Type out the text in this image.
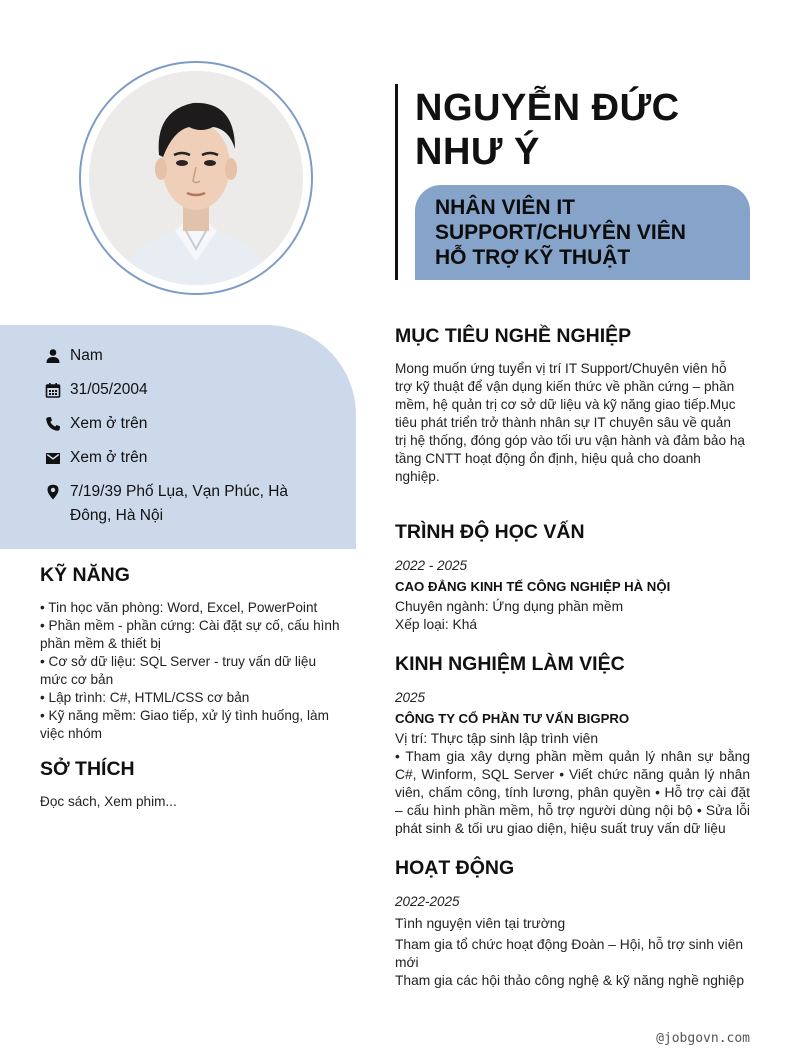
NGUYỄN ĐỨC
NHƯ Ý
NHÂN VIÊN IT
SUPPORT/CHUYÊN VIÊN
HỖ TRỢ KỸ THUẬT
Nam
31/05/2004
Xem ở trên
Xem ở trên
7/19/39 Phố Lụa, Vạn Phúc, Hà Đông, Hà Nội
KỸ NĂNG
• Tin học văn phòng: Word, Excel, PowerPoint
• Phần mềm - phần cứng: Cài đặt sự cố, cấu hình phần mềm & thiết bị
• Cơ sở dữ liệu: SQL Server - truy vấn dữ liệu mức cơ bản
• Lập trình: C#, HTML/CSS cơ bản
• Kỹ năng mềm: Giao tiếp, xử lý tình huống, làm việc nhóm
SỞ THÍCH
Đọc sách, Xem phim...
MỤC TIÊU NGHỀ NGHIỆP
Mong muốn ứng tuyển vị trí IT Support/Chuyên viên hỗ trợ kỹ thuật để vận dụng kiến thức về phần cứng – phần mềm, hệ quản trị cơ sở dữ liệu và kỹ năng giao tiếp.Mục tiêu phát triển trở thành nhân sự IT chuyên sâu về quản trị hệ thống, đóng góp vào tối ưu vận hành và đảm bảo hạ tầng CNTT hoạt động ổn định, hiệu quả cho doanh nghiệp.
TRÌNH ĐỘ HỌC VẤN
2022 - 2025
CAO ĐẲNG KINH TẾ CÔNG NGHIỆP HÀ NỘI
Chuyên ngành: Ứng dụng phần mềm
Xếp loại: Khá
KINH NGHIỆM LÀM VIỆC
2025
CÔNG TY CỔ PHẦN TƯ VẤN BIGPRO
Vị trí: Thực tập sinh lập trình viên
• Tham gia xây dựng phần mềm quản lý nhân sự bằng C#, Winform, SQL Server • Viết chức năng quản lý nhân viên, chấm công, tính lương, phân quyền • Hỗ trợ cài đặt – cấu hình phần mềm, hỗ trợ người dùng nội bộ • Sửa lỗi phát sinh & tối ưu giao diện, hiệu suất truy vấn dữ liệu
HOẠT ĐỘNG
2022-2025
Tình nguyện viên tại trường
Tham gia tổ chức hoạt động Đoàn – Hội, hỗ trợ sinh viên mới
Tham gia các hội thảo công nghệ & kỹ năng nghề nghiệp
@jobgovn.com
